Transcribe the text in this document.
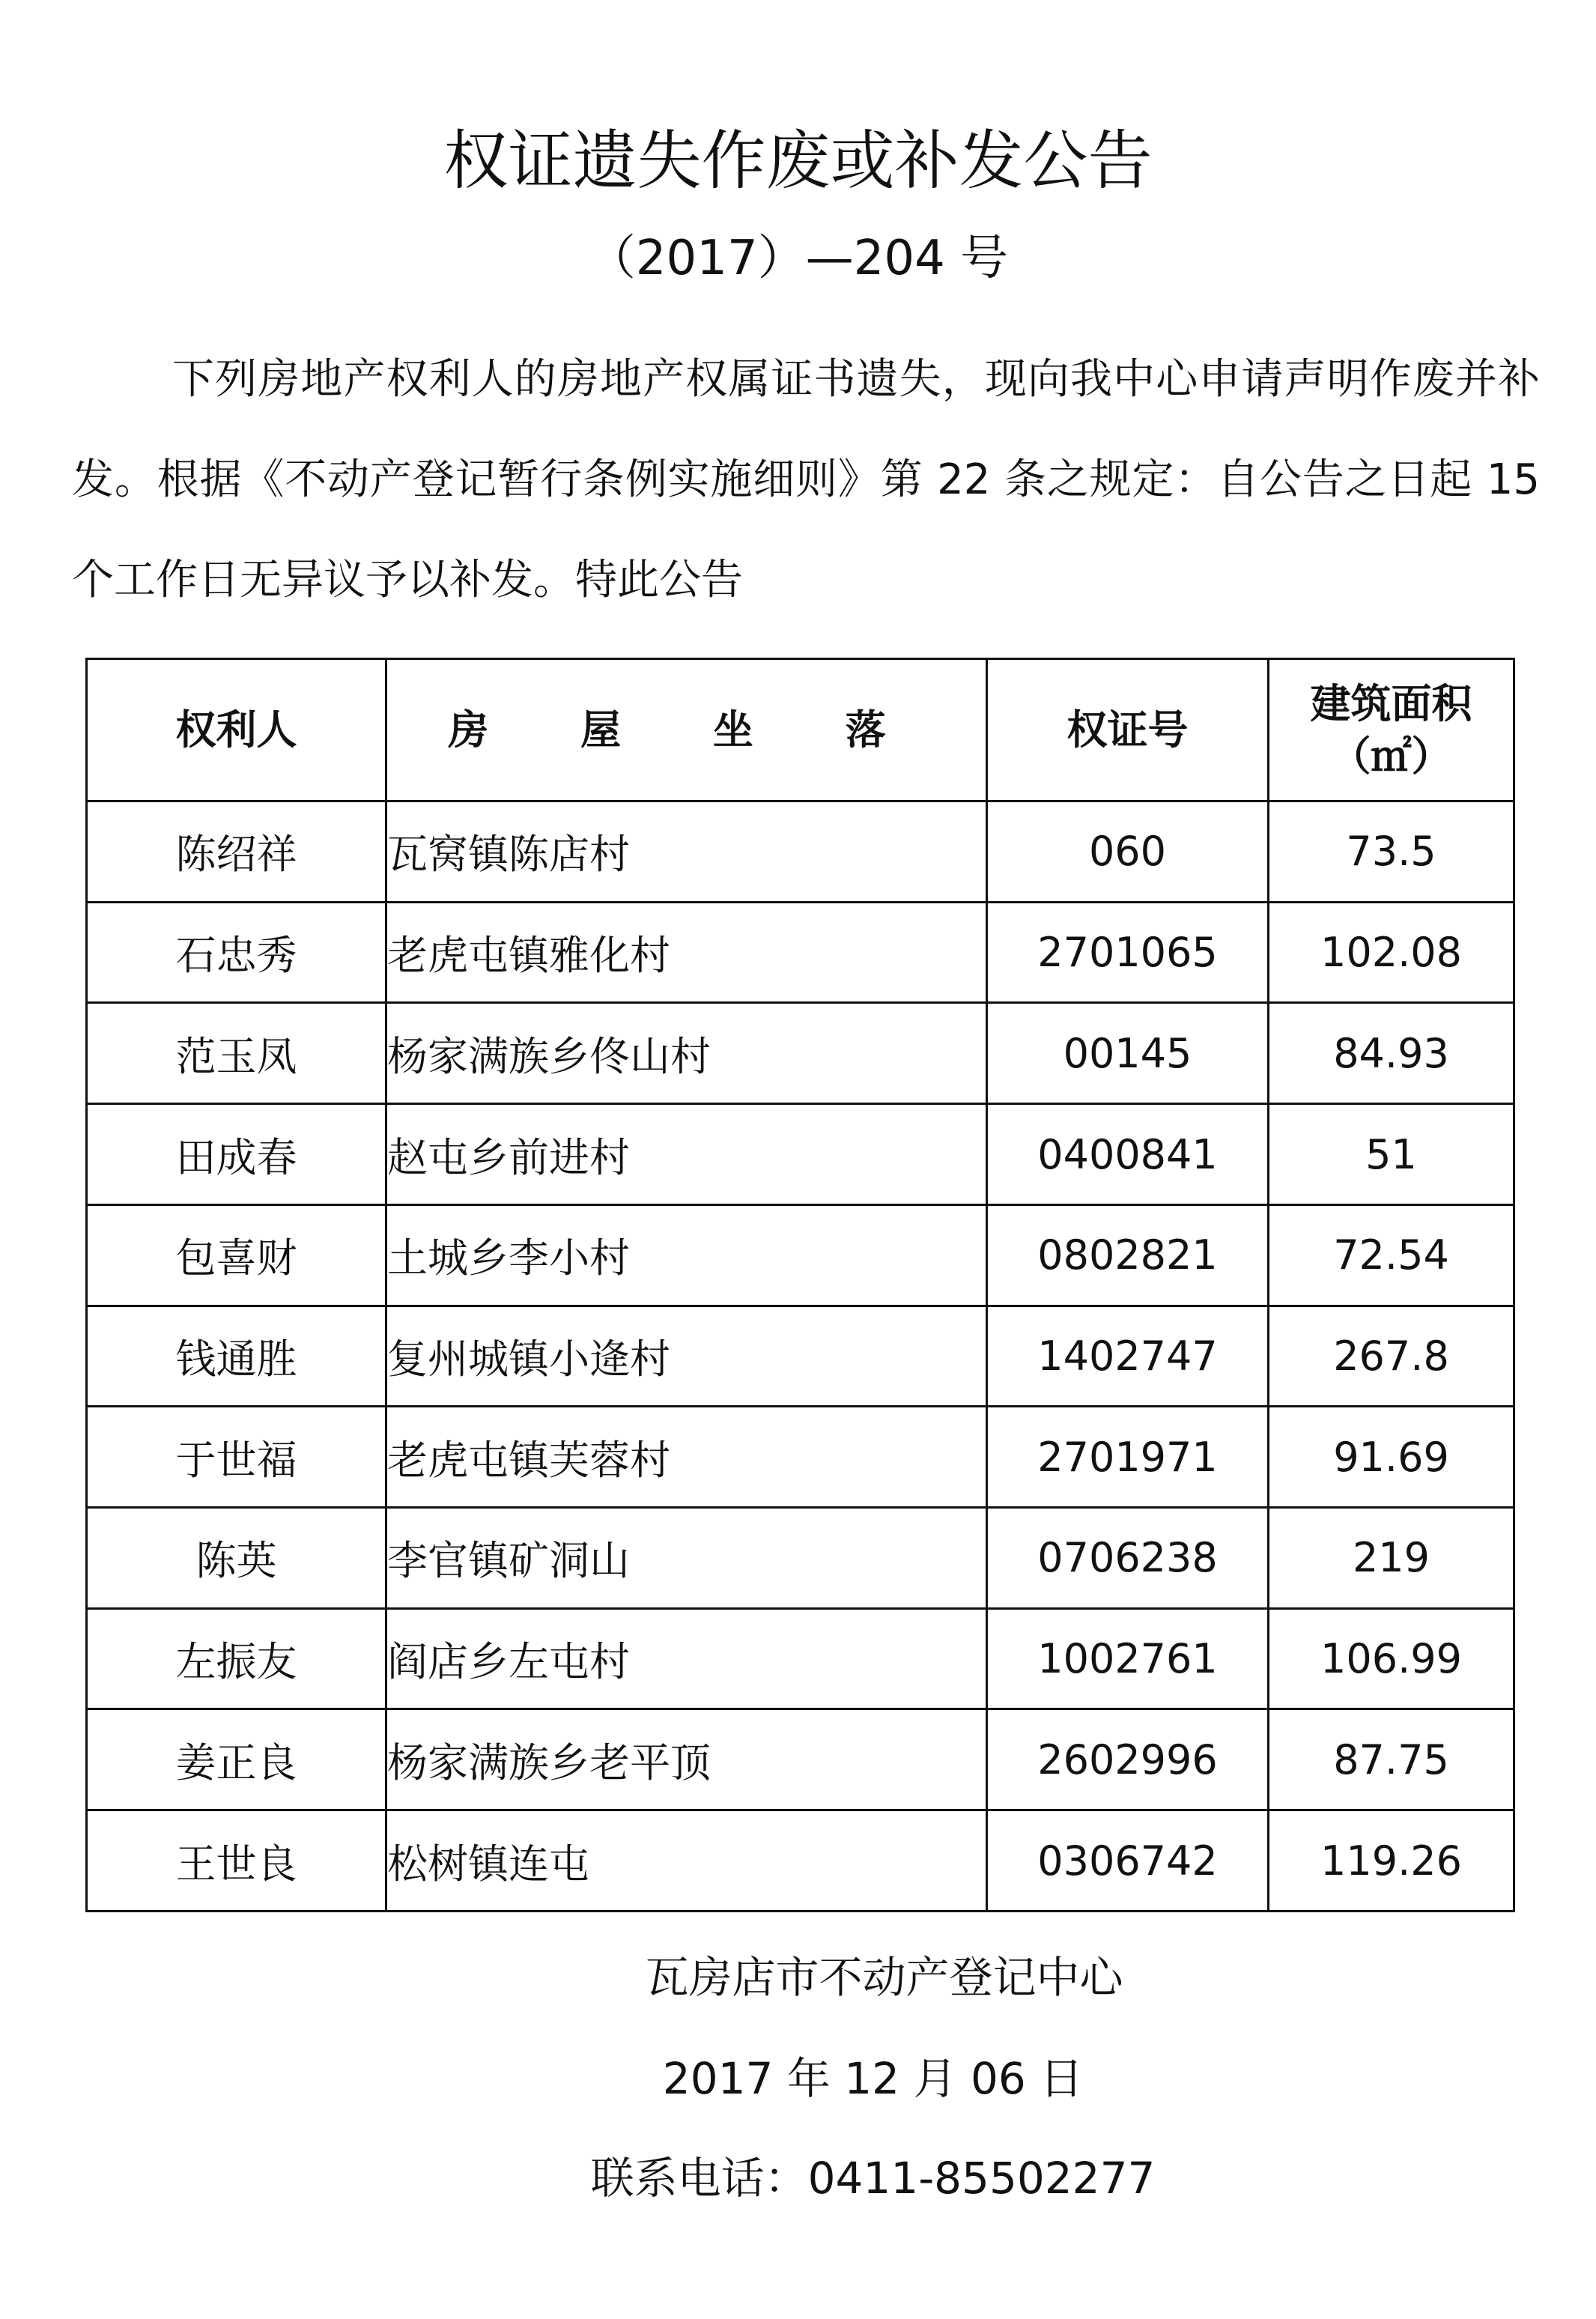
权证遗失作废或补发公告
（2017）—204 号
下列房地产权利人的房地产权属证书遗失，现向我中心申请声明作废并补发。根据《不动产登记暂行条例实施细则》第 22 条之规定：自公告之日起 15 个工作日无异议予以补发。特此公告
权利人	房 屋 坐 落	权证号	建筑面积
（㎡）

陈绍祥	瓦窝镇陈店村	060	73.5
石忠秀	老虎屯镇雅化村	2701065	102.08
范玉凤	杨家满族乡佟山村	00145	84.93
田成春	赵屯乡前进村	0400841	51
包喜财	土城乡李小村	0802821	72.54
钱通胜	复州城镇小逄村	1402747	267.8
于世福	老虎屯镇芙蓉村	2701971	91.69
陈英	李官镇矿洞山	0706238	219
左振友	阎店乡左屯村	1002761	106.99
姜正良	杨家满族乡老平顶	2602996	87.75
王世良	松树镇连屯	0306742	119.26
瓦房店市不动产登记中心
2017 年 12 月 06 日
联系电话：0411-85502277
